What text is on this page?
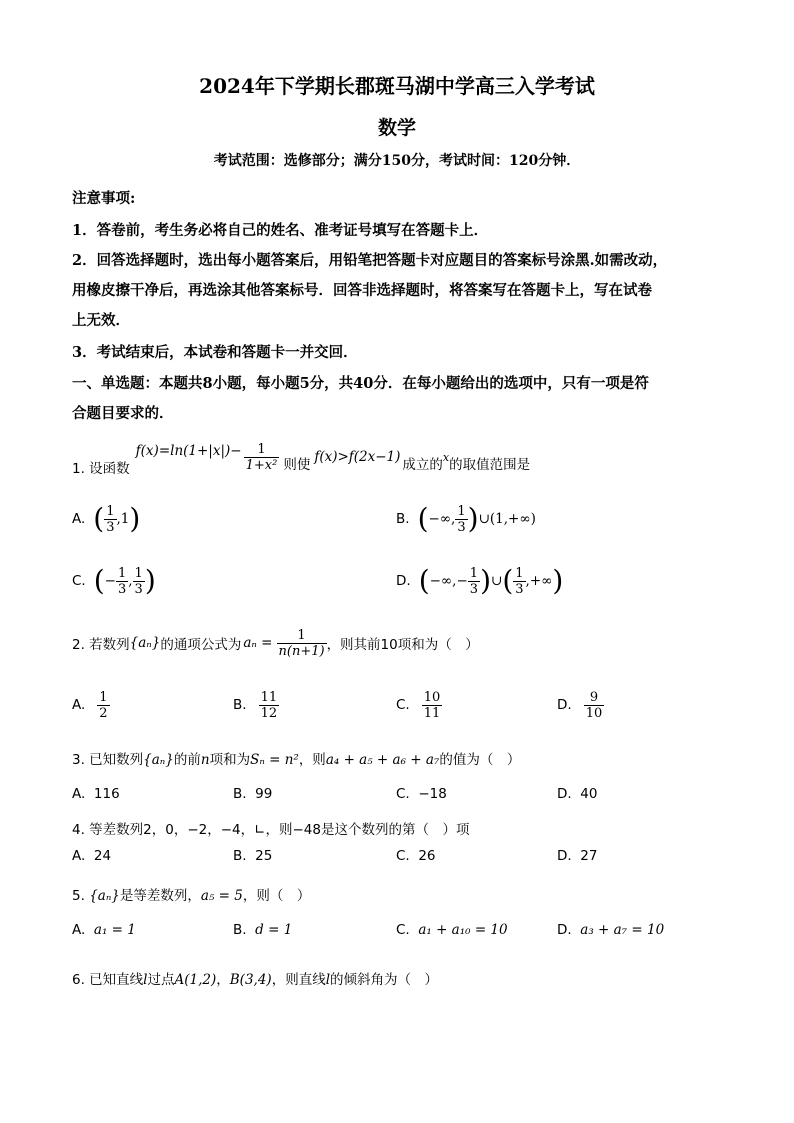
2024年下学期长郡斑马湖中学高三入学考试
数学
考试范围：选修部分；满分150分，考试时间：120分钟．
注意事项:
1．答卷前，考生务必将自己的姓名、准考证号填写在答题卡上．
2．回答选择题时，选出每小题答案后，用铅笔把答题卡对应题目的答案标号涂黑.如需改动，
用橡皮擦干净后，再选涂其他答案标号．回答非选择题时，将答案写在答题卡上，写在试卷
上无效．
3．考试结束后，本试卷和答题卡一并交回．
一、单选题：本题共8小题，每小题5分，共40分．在每小题给出的选项中，只有一项是符
合题目要求的．
1. 设函数
$f(x)=\ln(1+|x|)- \frac{1}{\text{1+x²}}$ 则使 f(x)>f(2x−1) 成立的 x 的取值范围是
A. ( $\frac{1}{3} ,1$ )	B. ( −∞, $\frac{1}{3}$ ) ∪(1,+∞)
C. ( − $\frac{1}{3}$ , $\frac{1}{3}$ )	D. ( −∞,− $\frac{1}{3}$ ) ∪ ( $\frac{1}{3}$ ,+∞ )
2. 若数列 {aₙ} 的通项公式为 $a_n = \frac{1}{n(n+1)}$ ，则其前10项和为（　）
A. $\frac{1}{2}$	B. $\frac{11}{12}$	C. $\frac{10}{11}$	D. $\frac{9}{10}$
3. 已知数列{aₙ}的前n项和为Sₙ = n²，则a₄ + a₅ + a₆ + a₇的值为（　）
A. 116	B. 99	C. −18	D. 40
4. 等差数列2，0，−2，−4，∟，则−48是这个数列的第（　）项
A. 24	B. 25	C. 26	D. 27
5. {aₙ}是等差数列，a₅ = 5，则（　）
A. a₁ = 1	B. d = 1	C. a₁ + a₁₀ = 10	D. a₃ + a₇ = 10
6. 已知直线l过点A(1,2)，B(3,4)，则直线l的倾斜角为（　）
